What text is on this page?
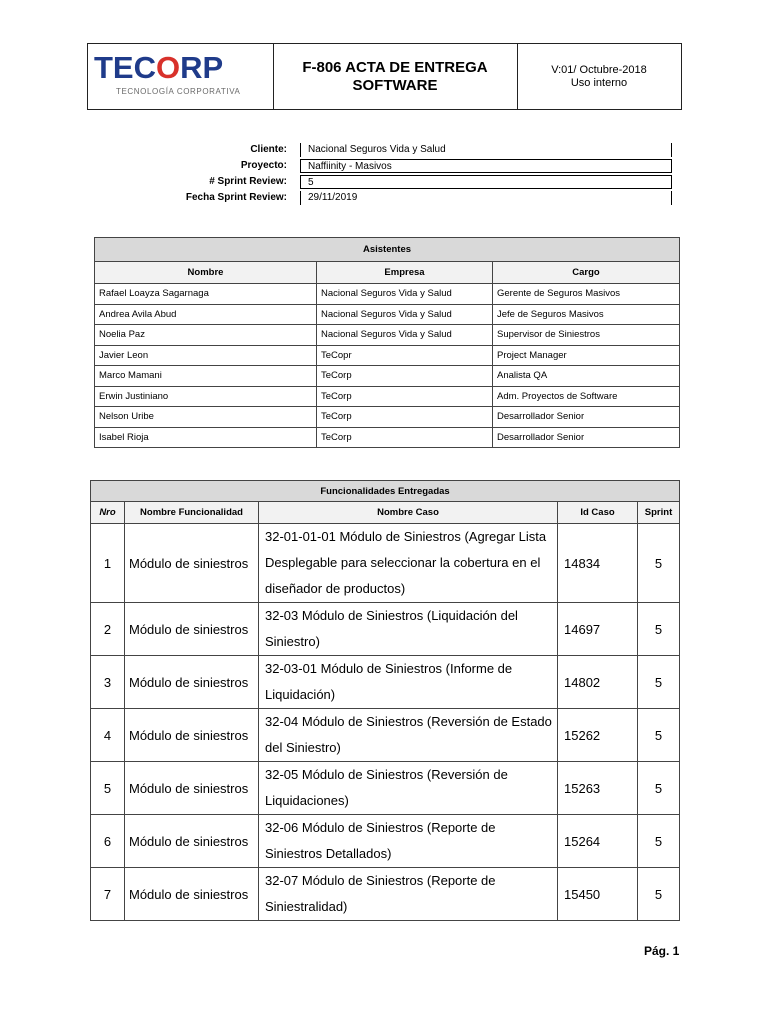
TECORP
TECNOLOGÍA CORPORATIVA
F-806 ACTA DE ENTREGA
SOFTWARE
V:01/ Octubre-2018
Uso interno
Cliente:	Nacional Seguros Vida y Salud
Proyecto:	Naffiinity - Masivos
# Sprint Review:	5
Fecha Sprint Review:	29/11/2019
Asistentes		
Nombre	Empresa	Cargo
Rafael Loayza Sagarnaga	Nacional Seguros Vida y Salud	Gerente de Seguros Masivos
Andrea Avila Abud	Nacional Seguros Vida y Salud	Jefe de Seguros Masivos
Noelia Paz	Nacional Seguros Vida y Salud	Supervisor de Siniestros
Javier Leon	TeCopr	Project Manager
Marco Mamani	TeCorp	Analista QA
Erwin Justiniano	TeCorp	Adm. Proyectos de Software
Nelson Uribe	TeCorp	Desarrollador Senior
Isabel Rioja	TeCorp	Desarrollador Senior
Funcionalidades Entregadas				
Nro	Nombre Funcionalidad	Nombre Caso	Id Caso	Sprint
1	Módulo de siniestros	32-01-01-01 Módulo de Siniestros (Agregar Lista Desplegable para seleccionar la cobertura en el diseñador de productos)	14834	5
2	Módulo de siniestros	32-03 Módulo de Siniestros (Liquidación del Siniestro)	14697	5
3	Módulo de siniestros	32-03-01 Módulo de Siniestros (Informe de Liquidación)	14802	5
4	Módulo de siniestros	32-04 Módulo de Siniestros (Reversión de Estado del Siniestro)	15262	5
5	Módulo de siniestros	32-05 Módulo de Siniestros (Reversión de Liquidaciones)	15263	5
6	Módulo de siniestros	32-06 Módulo de Siniestros (Reporte de Siniestros Detallados)	15264	5
7	Módulo de siniestros	32-07 Módulo de Siniestros (Reporte de Siniestralidad)	15450	5
Pág. 1
